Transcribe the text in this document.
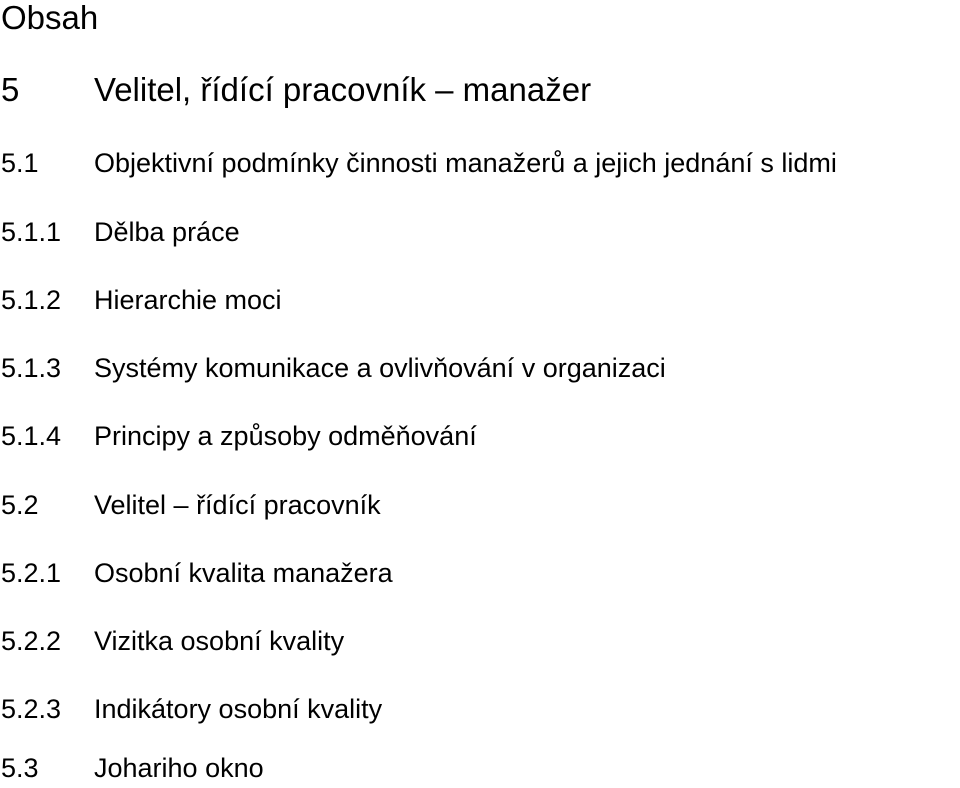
Obsah
5 Velitel, řídící pracovník – manažer
5.1 Objektivní podmínky činnosti manažerů a jejich jednání s lidmi
5.1.1 Dělba práce
5.1.2 Hierarchie moci
5.1.3 Systémy komunikace a ovlivňování v organizaci
5.1.4 Principy a způsoby odměňování
5.2 Velitel – řídící pracovník
5.2.1 Osobní kvalita manažera
5.2.2 Vizitka osobní kvality
5.2.3 Indikátory osobní kvality
5.3 Johariho okno
